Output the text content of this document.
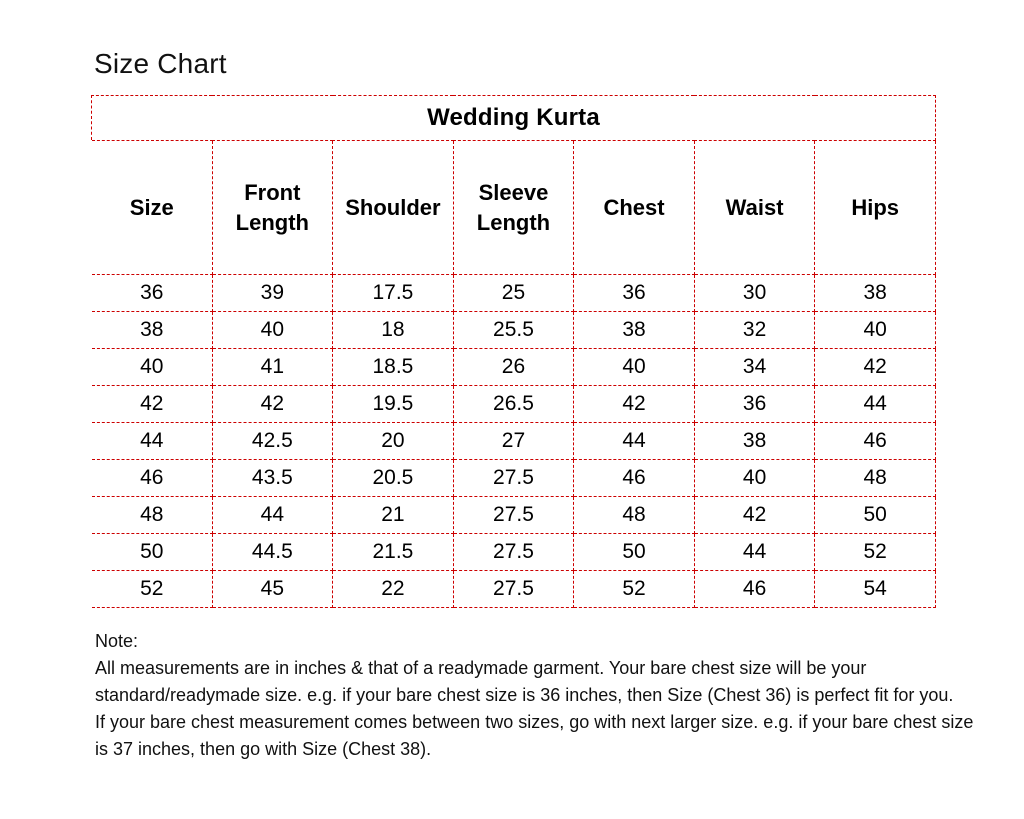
Size Chart
Wedding Kurta						
Size	Front Length	Shoulder	Sleeve Length	Chest	Waist	Hips
36	39	17.5	25	36	30	38
38	40	18	25.5	38	32	40
40	41	18.5	26	40	34	42
42	42	19.5	26.5	42	36	44
44	42.5	20	27	44	38	46
46	43.5	20.5	27.5	46	40	48
48	44	21	27.5	48	42	50
50	44.5	21.5	27.5	50	44	52
52	45	22	27.5	52	46	54
Note:

All measurements are in inches & that of a readymade garment. Your bare chest size will be your standard/readymade size. e.g. if your bare chest size is 36 inches, then Size (Chest 36) is perfect fit for you.

If your bare chest measurement comes between two sizes, go with next larger size. e.g. if your bare chest size is 37 inches, then go with Size (Chest 38).
